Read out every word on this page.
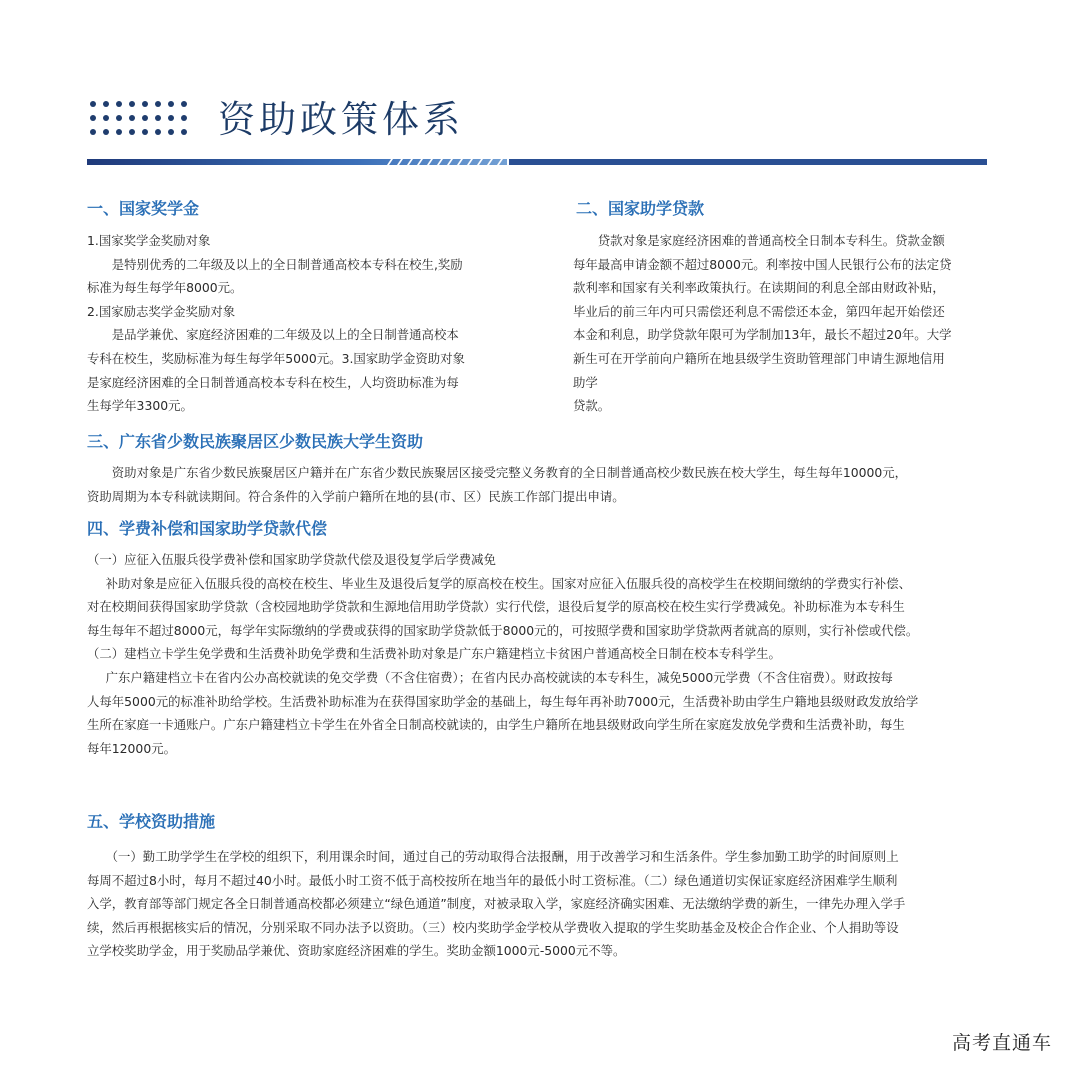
资助政策体系
一、国家奖学金

1.国家奖学金奖励对象

是特别优秀的二年级及以上的全日制普通高校本专科在校生,奖励

标准为每生每学年8000元。

2.国家励志奖学金奖励对象

是品学兼优、家庭经济困难的二年级及以上的全日制普通高校本

专科在校生，奖励标准为每生每学年5000元。3.国家助学金资助对象

是家庭经济困难的全日制普通高校本专科在校生，人均资助标准为每

生每学年3300元。

二、国家助学贷款

贷款对象是家庭经济困难的普通高校全日制本专科生。贷款金额

每年最高申请金额不超过8000元。利率按中国人民银行公布的法定贷

款利率和国家有关利率政策执行。在读期间的利息全部由财政补贴，

毕业后的前三年内可只需偿还利息不需偿还本金，第四年起开始偿还

本金和利息，助学贷款年限可为学制加13年，最长不超过20年。大学

新生可在开学前向户籍所在地县级学生资助管理部门申请生源地信用

助学

贷款。

三、广东省少数民族聚居区少数民族大学生资助

资助对象是广东省少数民族聚居区户籍并在广东省少数民族聚居区接受完整义务教育的全日制普通高校少数民族在校大学生，每生每年10000元，

资助周期为本专科就读期间。符合条件的入学前户籍所在地的县(市、区）民族工作部门提出申请。

四、学费补偿和国家助学贷款代偿

（一）应征入伍服兵役学费补偿和国家助学贷款代偿及退役复学后学费减免

补助对象是应征入伍服兵役的高校在校生、毕业生及退役后复学的原高校在校生。国家对应征入伍服兵役的高校学生在校期间缴纳的学费实行补偿、

对在校期间获得国家助学贷款（含校园地助学贷款和生源地信用助学贷款）实行代偿，退役后复学的原高校在校生实行学费减免。补助标准为本专科生

每生每年不超过8000元，每学年实际缴纳的学费或获得的国家助学贷款低于8000元的，可按照学费和国家助学贷款两者就高的原则，实行补偿或代偿。

（二）建档立卡学生免学费和生活费补助免学费和生活费补助对象是广东户籍建档立卡贫困户普通高校全日制在校本专科学生。

广东户籍建档立卡在省内公办高校就读的免交学费（不含住宿费）；在省内民办高校就读的本专科生，减免5000元学费（不含住宿费）。财政按每

人每年5000元的标准补助给学校。生活费补助标准为在获得国家助学金的基础上，每生每年再补助7000元，生活费补助由学生户籍地县级财政发放给学

生所在家庭一卡通账户。广东户籍建档立卡学生在外省全日制高校就读的，由学生户籍所在地县级财政向学生所在家庭发放免学费和生活费补助，每生

每年12000元。

五、学校资助措施

（一）勤工助学学生在学校的组织下，利用课余时间，通过自己的劳动取得合法报酬，用于改善学习和生活条件。学生参加勤工助学的时间原则上

每周不超过8小时，每月不超过40小时。最低小时工资不低于高校按所在地当年的最低小时工资标准。（二）绿色通道切实保证家庭经济困难学生顺利

入学，教育部等部门规定各全日制普通高校都必须建立“绿色通道”制度，对被录取入学，家庭经济确实困难、无法缴纳学费的新生，一律先办理入学手

续，然后再根据核实后的情况，分别采取不同办法予以资助。（三）校内奖助学金学校从学费收入提取的学生奖助基金及校企合作企业、个人捐助等设

立学校奖助学金，用于奖励品学兼优、资助家庭经济困难的学生。奖助金额1000元-5000元不等。

高考直通车
